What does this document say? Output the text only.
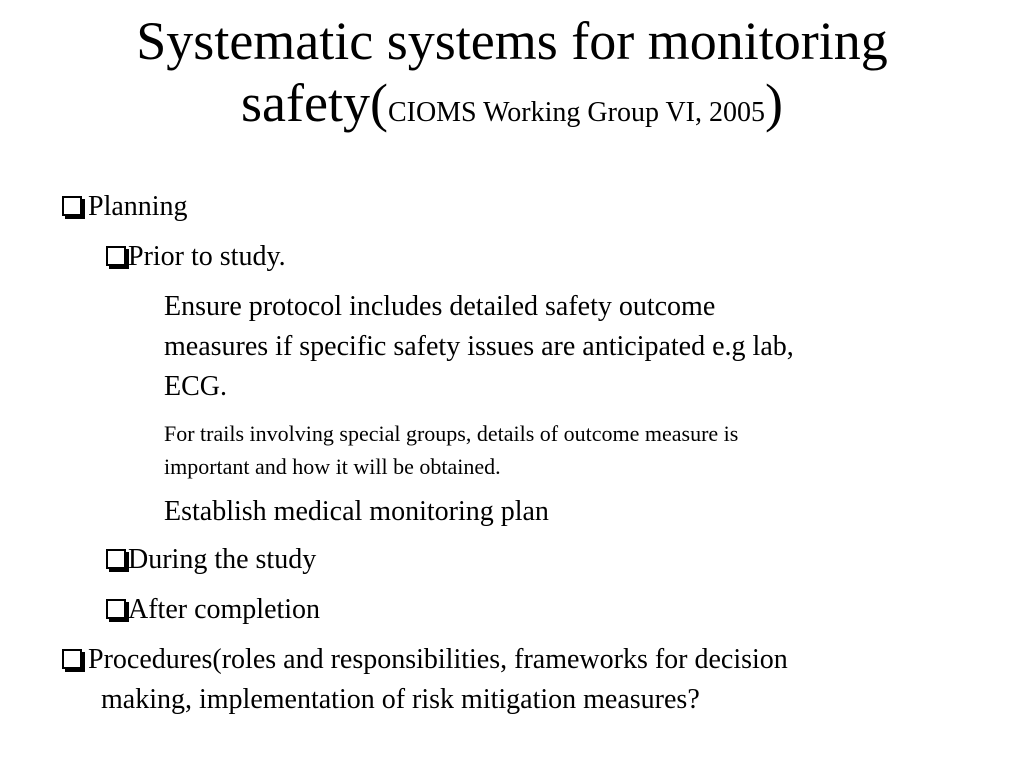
Systematic systems for monitoring
safety(CIOMS Working Group VI, 2005)
Planning
Prior to study.
Ensure protocol includes detailed safety outcome
measures if specific safety issues are anticipated e.g lab,
ECG.
For trails involving special groups, details of outcome measure is
important and how it will be obtained.
Establish medical monitoring plan
During the study
After completion
Procedures(roles and responsibilities, frameworks for decision
making, implementation of risk mitigation measures?
